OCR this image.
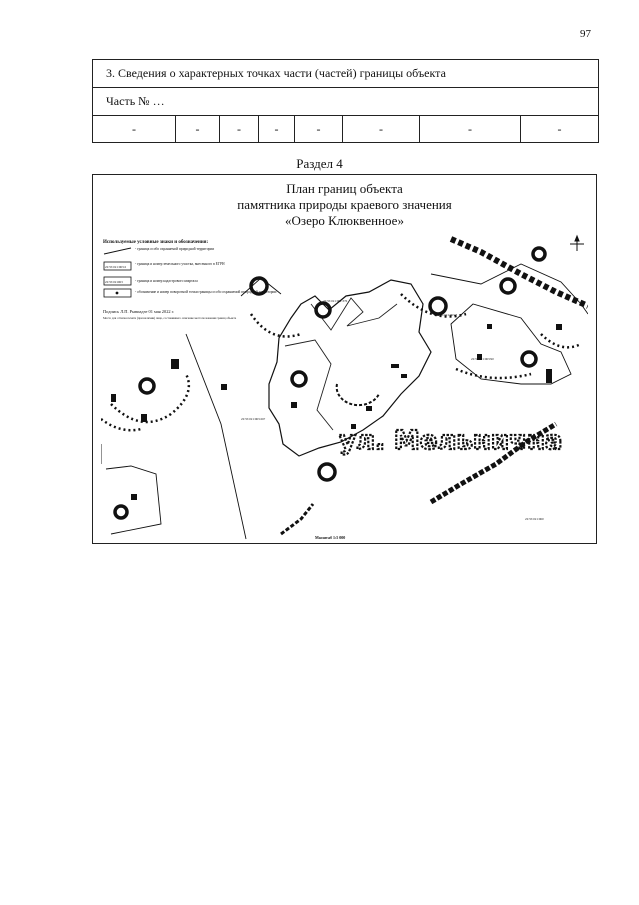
97
3. Сведения о характерных точках части (частей) границы объекта
Часть № …
-	-	-	-	-	-	-	-
Раздел 4
План границ объекта
памятника природы краевого значения
«Озеро Клюквенное»
Используемые условные знаки и обозначения:
- граница особо охраняемой природной территории
22:55:021:063:2
- граница и номер земельного участка, внесенного в ЕГРН
22:55:021063	- граница и номер кадастрового квартала
- обозначение и номер поворотной точки границы особо охраняемой природной территории
Подпись Л.П. Рывиадзе 01 мая 2022 г.
Место для оттиска печати (при наличии) лица, составившего описание местоположения границ объекта
22:55:021:061:376
22:55:021:063:7
22:55:021:063:267
22:55:021:063:90
22:55:021:060
ул. Мельнична
Масштаб 1:5 000
